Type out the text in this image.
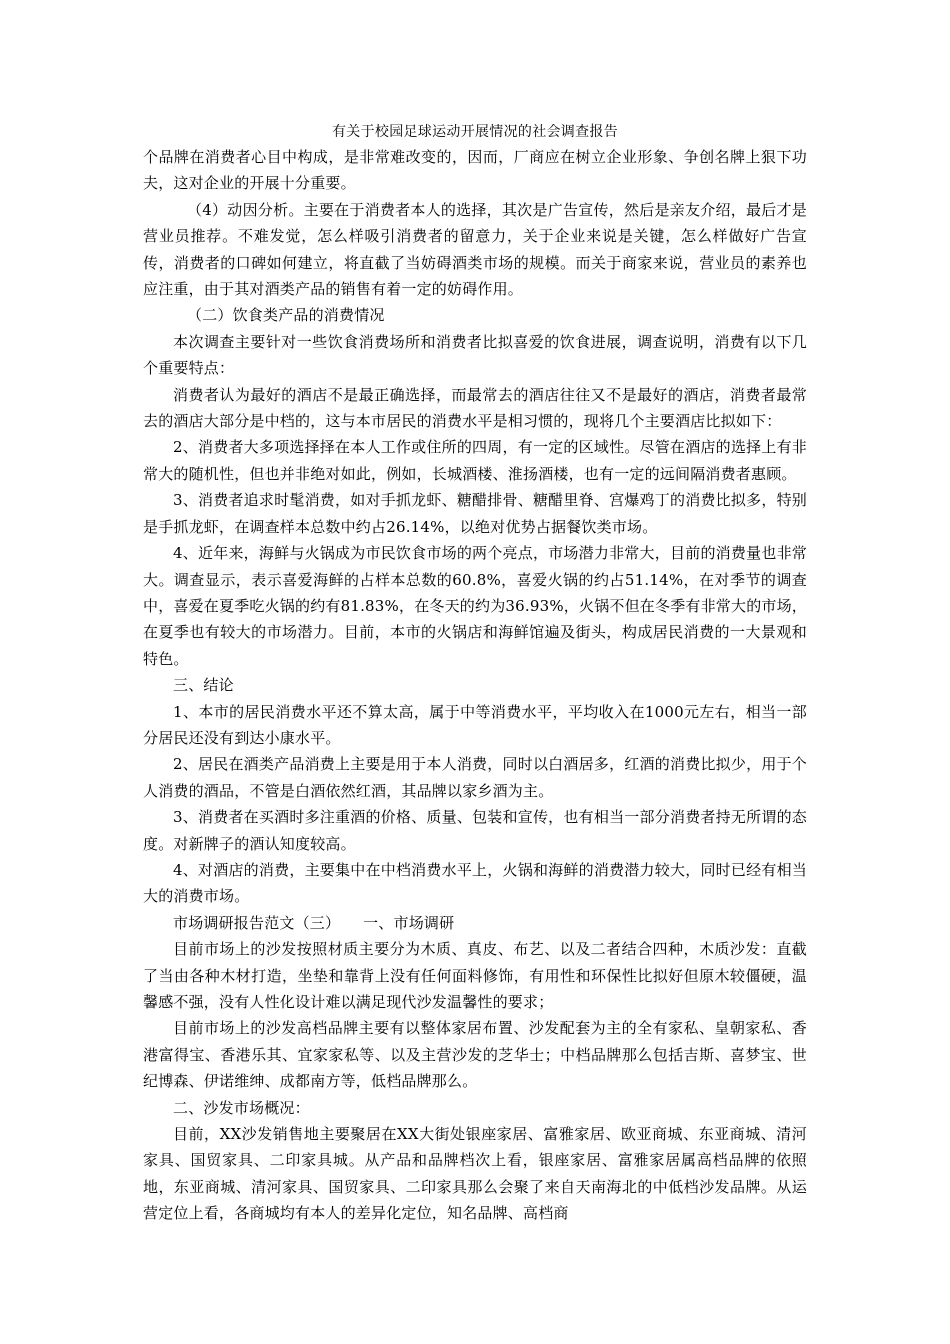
有关于校园足球运动开展情况的社会调查报告

个品牌在消费者心目中构成，是非常难改变的，因而，厂商应在树立企业形象、争创名牌上狠下功夫，这对企业的开展十分重要。

（4）动因分析。主要在于消费者本人的选择，其次是广告宣传，然后是亲友介绍，最后才是营业员推荐。不难发觉，怎么样吸引消费者的留意力，关于企业来说是关键，怎么样做好广告宣传，消费者的口碑如何建立，将直截了当妨碍酒类市场的规模。而关于商家来说，营业员的素养也应注重，由于其对酒类产品的销售有着一定的妨碍作用。

（二）饮食类产品的消费情况

本次调查主要针对一些饮食消费场所和消费者比拟喜爱的饮食进展，调查说明，消费有以下几个重要特点：

消费者认为最好的酒店不是最正确选择，而最常去的酒店往往又不是最好的酒店，消费者最常去的酒店大部分是中档的，这与本市居民的消费水平是相习惯的，现将几个主要酒店比拟如下：

2、消费者大多项选择择在本人工作或住所的四周，有一定的区域性。尽管在酒店的选择上有非常大的随机性，但也并非绝对如此，例如，长城酒楼、淮扬酒楼，也有一定的远间隔消费者惠顾。

3、消费者追求时髦消费，如对手抓龙虾、糖醋排骨、糖醋里脊、宫爆鸡丁的消费比拟多，特别是手抓龙虾，在调查样本总数中约占26.14%，以绝对优势占据餐饮类市场。

4、近年来，海鲜与火锅成为市民饮食市场的两个亮点，市场潜力非常大，目前的消费量也非常大。调查显示，表示喜爱海鲜的占样本总数的60.8%，喜爱火锅的约占51.14%，在对季节的调查中，喜爱在夏季吃火锅的约有81.83%，在冬天的约为36.93%，火锅不但在冬季有非常大的市场，在夏季也有较大的市场潜力。目前，本市的火锅店和海鲜馆遍及街头，构成居民消费的一大景观和特色。

三、结论

1、本市的居民消费水平还不算太高，属于中等消费水平，平均收入在1000元左右，相当一部分居民还没有到达小康水平。

2、居民在酒类产品消费上主要是用于本人消费，同时以白酒居多，红酒的消费比拟少，用于个人消费的酒品，不管是白酒依然红酒，其品牌以家乡酒为主。

3、消费者在买酒时多注重酒的价格、质量、包装和宣传，也有相当一部分消费者持无所谓的态度。对新牌子的酒认知度较高。

4、对酒店的消费，主要集中在中档消费水平上，火锅和海鲜的消费潜力较大，同时已经有相当大的消费市场。

市场调研报告范文（三）　　一、市场调研

目前市场上的沙发按照材质主要分为木质、真皮、布艺、以及二者结合四种，木质沙发：直截了当由各种木材打造，坐垫和靠背上没有任何面料修饰，有用性和环保性比拟好但原木较僵硬，温馨感不强，没有人性化设计难以满足现代沙发温馨性的要求；

目前市场上的沙发高档品牌主要有以整体家居布置、沙发配套为主的全有家私、皇朝家私、香港富得宝、香港乐其、宜家家私等、以及主营沙发的芝华士；中档品牌那么包括吉斯、喜梦宝、世纪博森、伊诺维绅、成都南方等，低档品牌那么。

二、沙发市场概况：

目前，XX沙发销售地主要聚居在XX大街处银座家居、富雅家居、欧亚商城、东亚商城、清河家具、国贸家具、二印家具城。从产品和品牌档次上看，银座家居、富雅家居属高档品牌的依照地，东亚商城、清河家具、国贸家具、二印家具那么会聚了来自天南海北的中低档沙发品牌。从运营定位上看，各商城均有本人的差异化定位，知名品牌、高档商
